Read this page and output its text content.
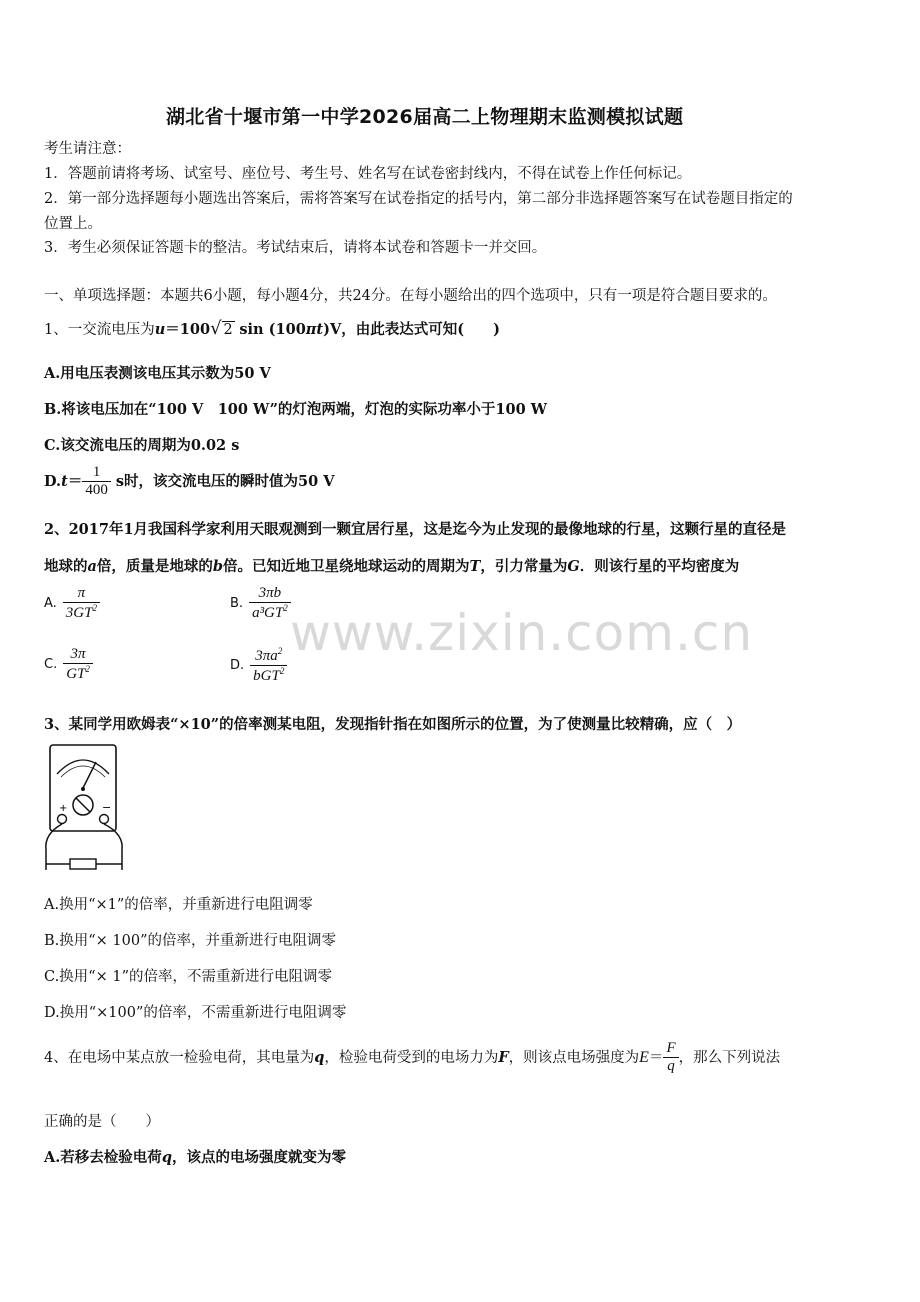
湖北省十堰市第一中学2026届高二上物理期末监测模拟试题
考生请注意：
1．答题前请将考场、试室号、座位号、考生号、姓名写在试卷密封线内，不得在试卷上作任何标记。
2．第一部分选择题每小题选出答案后，需将答案写在试卷指定的括号内，第二部分非选择题答案写在试卷题目指定的
位置上。
3．考生必须保证答题卡的整洁。考试结束后，请将本试卷和答题卡一并交回。
一、单项选择题：本题共6小题，每小题4分，共24分。在每小题给出的四个选项中，只有一项是符合题目要求的。
1、一交流电压为u＝100√ 2 sin (100πt)V，由此表达式可知(　　)
A.用电压表测该电压其示数为50 V
B.将该电压加在“100 V　100 W”的灯泡两端，灯泡的实际功率小于100 W
C.该交流电压的周期为0.02 s
$D.t= \frac{1}{400}$ s时，该交流电压的瞬时值为50 V
2、2017年1月我国科学家利用天眼观测到一颗宜居行星，这是迄今为止发现的最像地球的行星，这颗行星的直径是
地球的a倍，质量是地球的b倍。已知近地卫星绕地球运动的周期为T，引力常量为G．则该行星的平均密度为
A. $\frac{\pi}{3GT^2}$	B. $\frac{3\pi b}{a^3GT^2}$
C. $\frac{3\pi}{GT^2}$	D. $\frac{3\pi a^2}{bGT^2}$
www.zixin.com.cn
3、某同学用欧姆表“×10”的倍率测某电阻，发现指针指在如图所示的位置，为了使测量比较精确，应（　）
+	−
A.换用“×1”的倍率，并重新进行电阻调零
B.换用“× 100”的倍率，并重新进行电阻调零
C.换用“× 1”的倍率，不需重新进行电阻调零
D.换用“×100”的倍率，不需重新进行电阻调零
4、在电场中某点放一检验电荷，其电量为q，检验电荷受到的电场力为F，则该点电场强度为$E= \frac{F}{q}$ ，那么下列说法
正确的是（　　）
A.若移去检验电荷q，该点的电场强度就变为零
